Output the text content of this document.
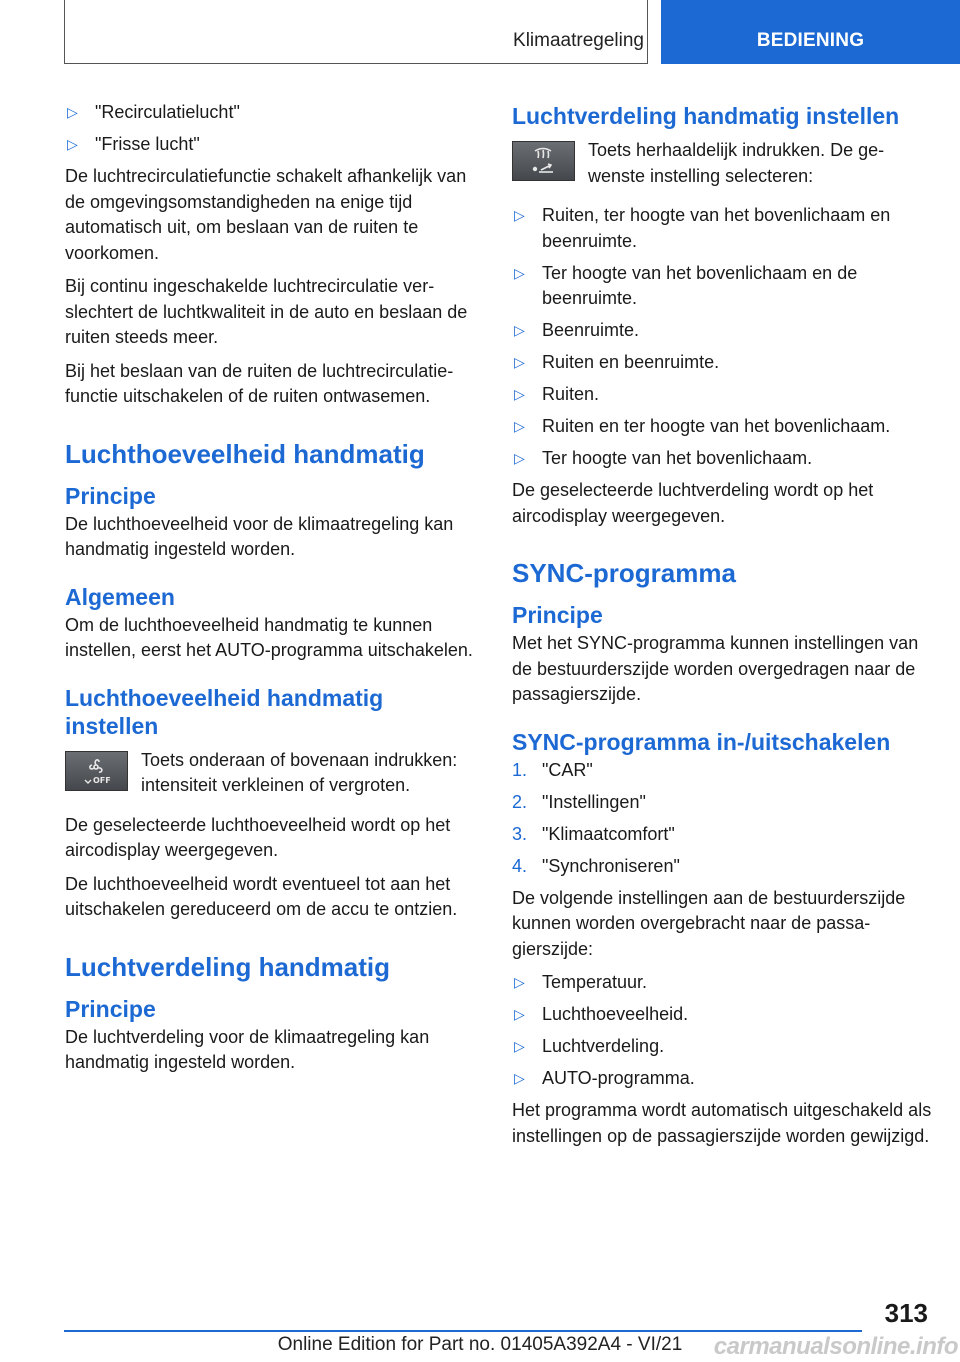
Klimaatregeling	BEDIENING
▷ "Recirculatielucht"
▷ "Frisse lucht"

De luchtrecirculatiefunctie schakelt afhankelijk van de omgevingsomstandigheden na enige tijd automatisch uit, om beslaan van de ruiten te voorkomen.

Bij continu ingeschakelde luchtrecirculatie verslechtert de luchtkwaliteit in de auto en beslaan de ruiten steeds meer.

Bij het beslaan van de ruiten de luchtrecirculatiefunctie uitschakelen of de ruiten ontwasemen.

Luchthoeveelheid handmatig
Principe

De luchthoeveelheid voor de klimaatregeling kan handmatig ingesteld worden.

Algemeen

Om de luchthoeveelheid handmatig te kunnen instellen, eerst het AUTO-programma uitschakelen.

Luchthoeveelheid handmatig instellen
OFF
Toets onderaan of bovenaan indrukken: intensiteit verkleinen of vergroten.

De geselecteerde luchthoeveelheid wordt op het aircodisplay weergegeven.

De luchthoeveelheid wordt eventueel tot aan het uitschakelen gereduceerd om de accu te ontzien.

Luchtverdeling handmatig
Principe

De luchtverdeling voor de klimaatregeling kan handmatig ingesteld worden.

Luchtverdeling handmatig instellen
Toets herhaaldelijk indrukken. De gewenste instelling selecteren:
▷ Ruiten, ter hoogte van het bovenlichaam en beenruimte.
▷ Ter hoogte van het bovenlichaam en de beenruimte.
▷ Beenruimte.
▷ Ruiten en beenruimte.
▷ Ruiten.
▷ Ruiten en ter hoogte van het bovenlichaam.
▷ Ter hoogte van het bovenlichaam.

De geselecteerde luchtverdeling wordt op het aircodisplay weergegeven.

SYNC-programma
Principe

Met het SYNC-programma kunnen instellingen van de bestuurderszijde worden overgedragen naar de passagierszijde.

SYNC-programma in-/uitschakelen
1. "CAR"
2. "Instellingen"
3. "Klimaatcomfort"
4. "Synchroniseren"

De volgende instellingen aan de bestuurderszijde kunnen worden overgebracht naar de passagierszijde:

▷ Temperatuur.
▷ Luchthoeveelheid.
▷ Luchtverdeling.
▷ AUTO-programma.

Het programma wordt automatisch uitgeschakeld als instellingen op de passagierszijde worden gewijzigd.

313
Online Edition for Part no. 01405A392A4 - VI/21	carmanualsonline.info
